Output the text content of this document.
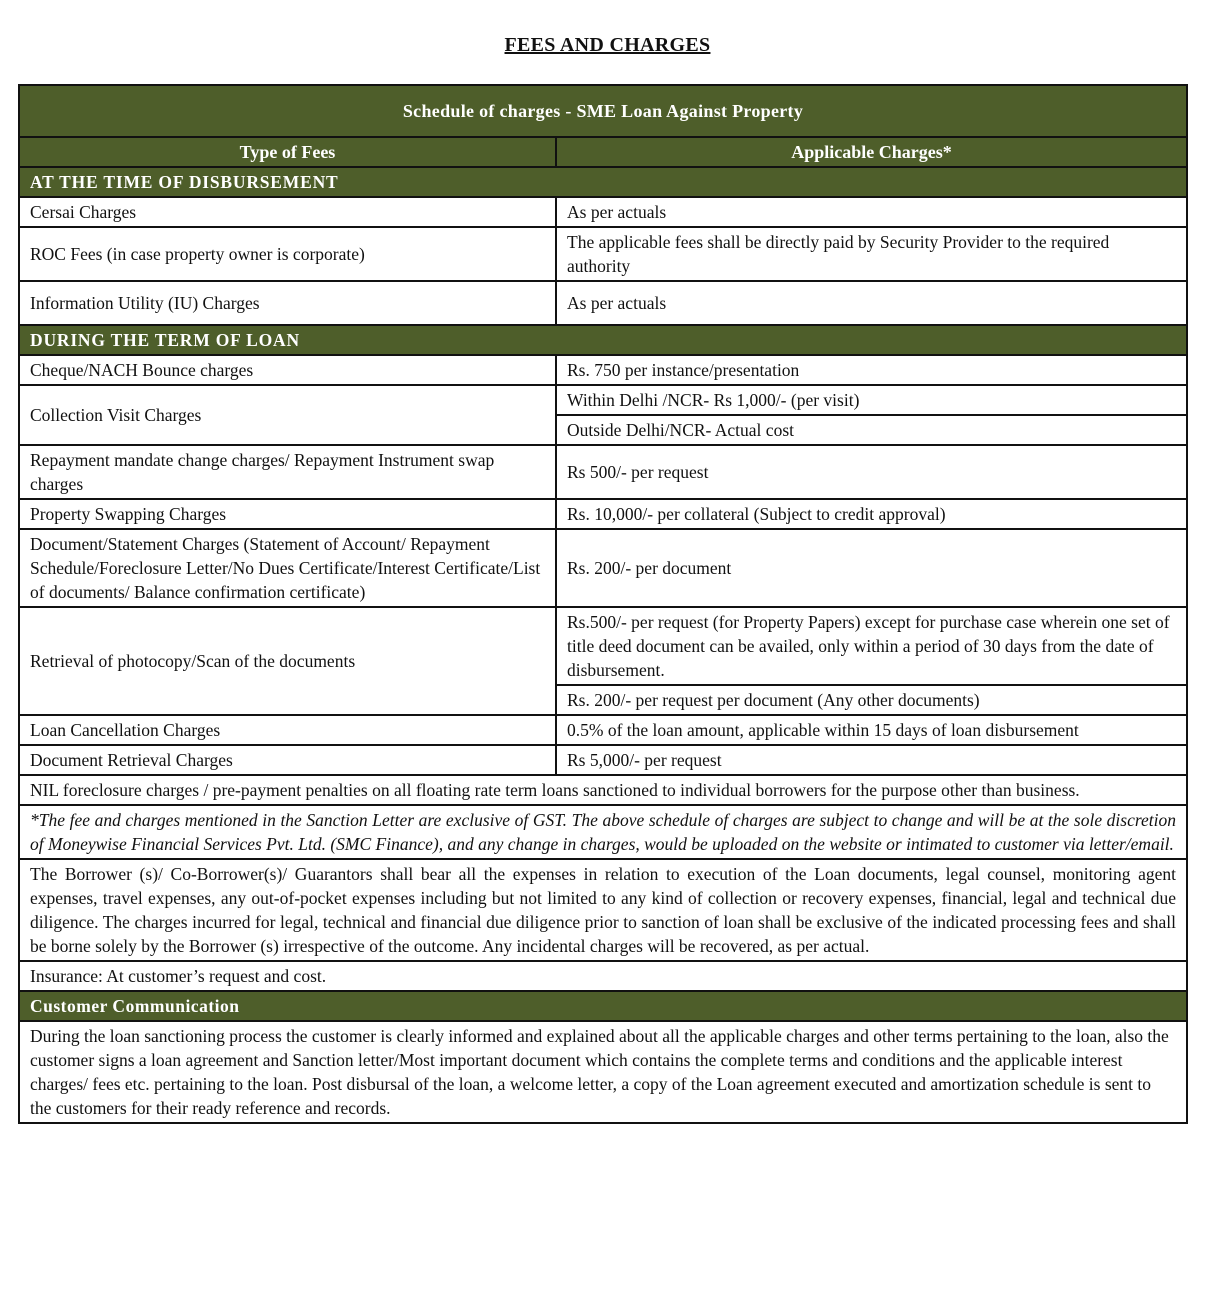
FEES AND CHARGES
Schedule of charges - SME Loan Against Property	
Type of Fees	Applicable Charges*
AT THE TIME OF DISBURSEMENT	
Cersai Charges	As per actuals
ROC Fees (in case property owner is corporate)	The applicable fees shall be directly paid by Security Provider to the required authority
Information Utility (IU) Charges	As per actuals
DURING THE TERM OF LOAN	
Cheque/NACH Bounce charges	Rs. 750 per instance/presentation
Collection Visit Charges	Within Delhi /NCR- Rs 1,000/- (per visit)
	Outside Delhi/NCR- Actual cost
Repayment mandate change charges/ Repayment Instrument swap charges	Rs 500/- per request
Property Swapping Charges	Rs. 10,000/- per collateral (Subject to credit approval)
Document/Statement Charges (Statement of Account/ Repayment Schedule/Foreclosure Letter/No Dues Certificate/Interest Certificate/List of documents/ Balance confirmation certificate)	Rs. 200/- per document
Retrieval of photocopy/Scan of the documents	Rs.500/- per request (for Property Papers) except for purchase case wherein one set of title deed document can be availed, only within a period of 30 days from the date of disbursement.
	Rs. 200/- per request per document (Any other documents)
Loan Cancellation Charges	0.5% of the loan amount, applicable within 15 days of loan disbursement
Document Retrieval Charges	Rs 5,000/- per request
NIL foreclosure charges / pre-payment penalties on all floating rate term loans sanctioned to individual borrowers for the purpose other than business.	
*The fee and charges mentioned in the Sanction Letter are exclusive of GST. The above schedule of charges are subject to change and will be at the sole discretion of Moneywise Financial Services Pvt. Ltd. (SMC Finance), and any change in charges, would be uploaded on the website or intimated to customer via letter/email.	
The Borrower (s)/ Co-Borrower(s)/ Guarantors shall bear all the expenses in relation to execution of the Loan documents, legal counsel, monitoring agent expenses, travel expenses, any out-of-pocket expenses including but not limited to any kind of collection or recovery expenses, financial, legal and technical due diligence. The charges incurred for legal, technical and financial due diligence prior to sanction of loan shall be exclusive of the indicated processing fees and shall be borne solely by the Borrower (s) irrespective of the outcome. Any incidental charges will be recovered, as per actual.	
Insurance: At customer’s request and cost.	
Customer Communication	
During the loan sanctioning process the customer is clearly informed and explained about all the applicable charges and other terms pertaining to the loan, also the customer signs a loan agreement and Sanction letter/Most important document which contains the complete terms and conditions and the applicable interest charges/ fees etc. pertaining to the loan. Post disbursal of the loan, a welcome letter, a copy of the Loan agreement executed and amortization schedule is sent to the customers for their ready reference and records.	
